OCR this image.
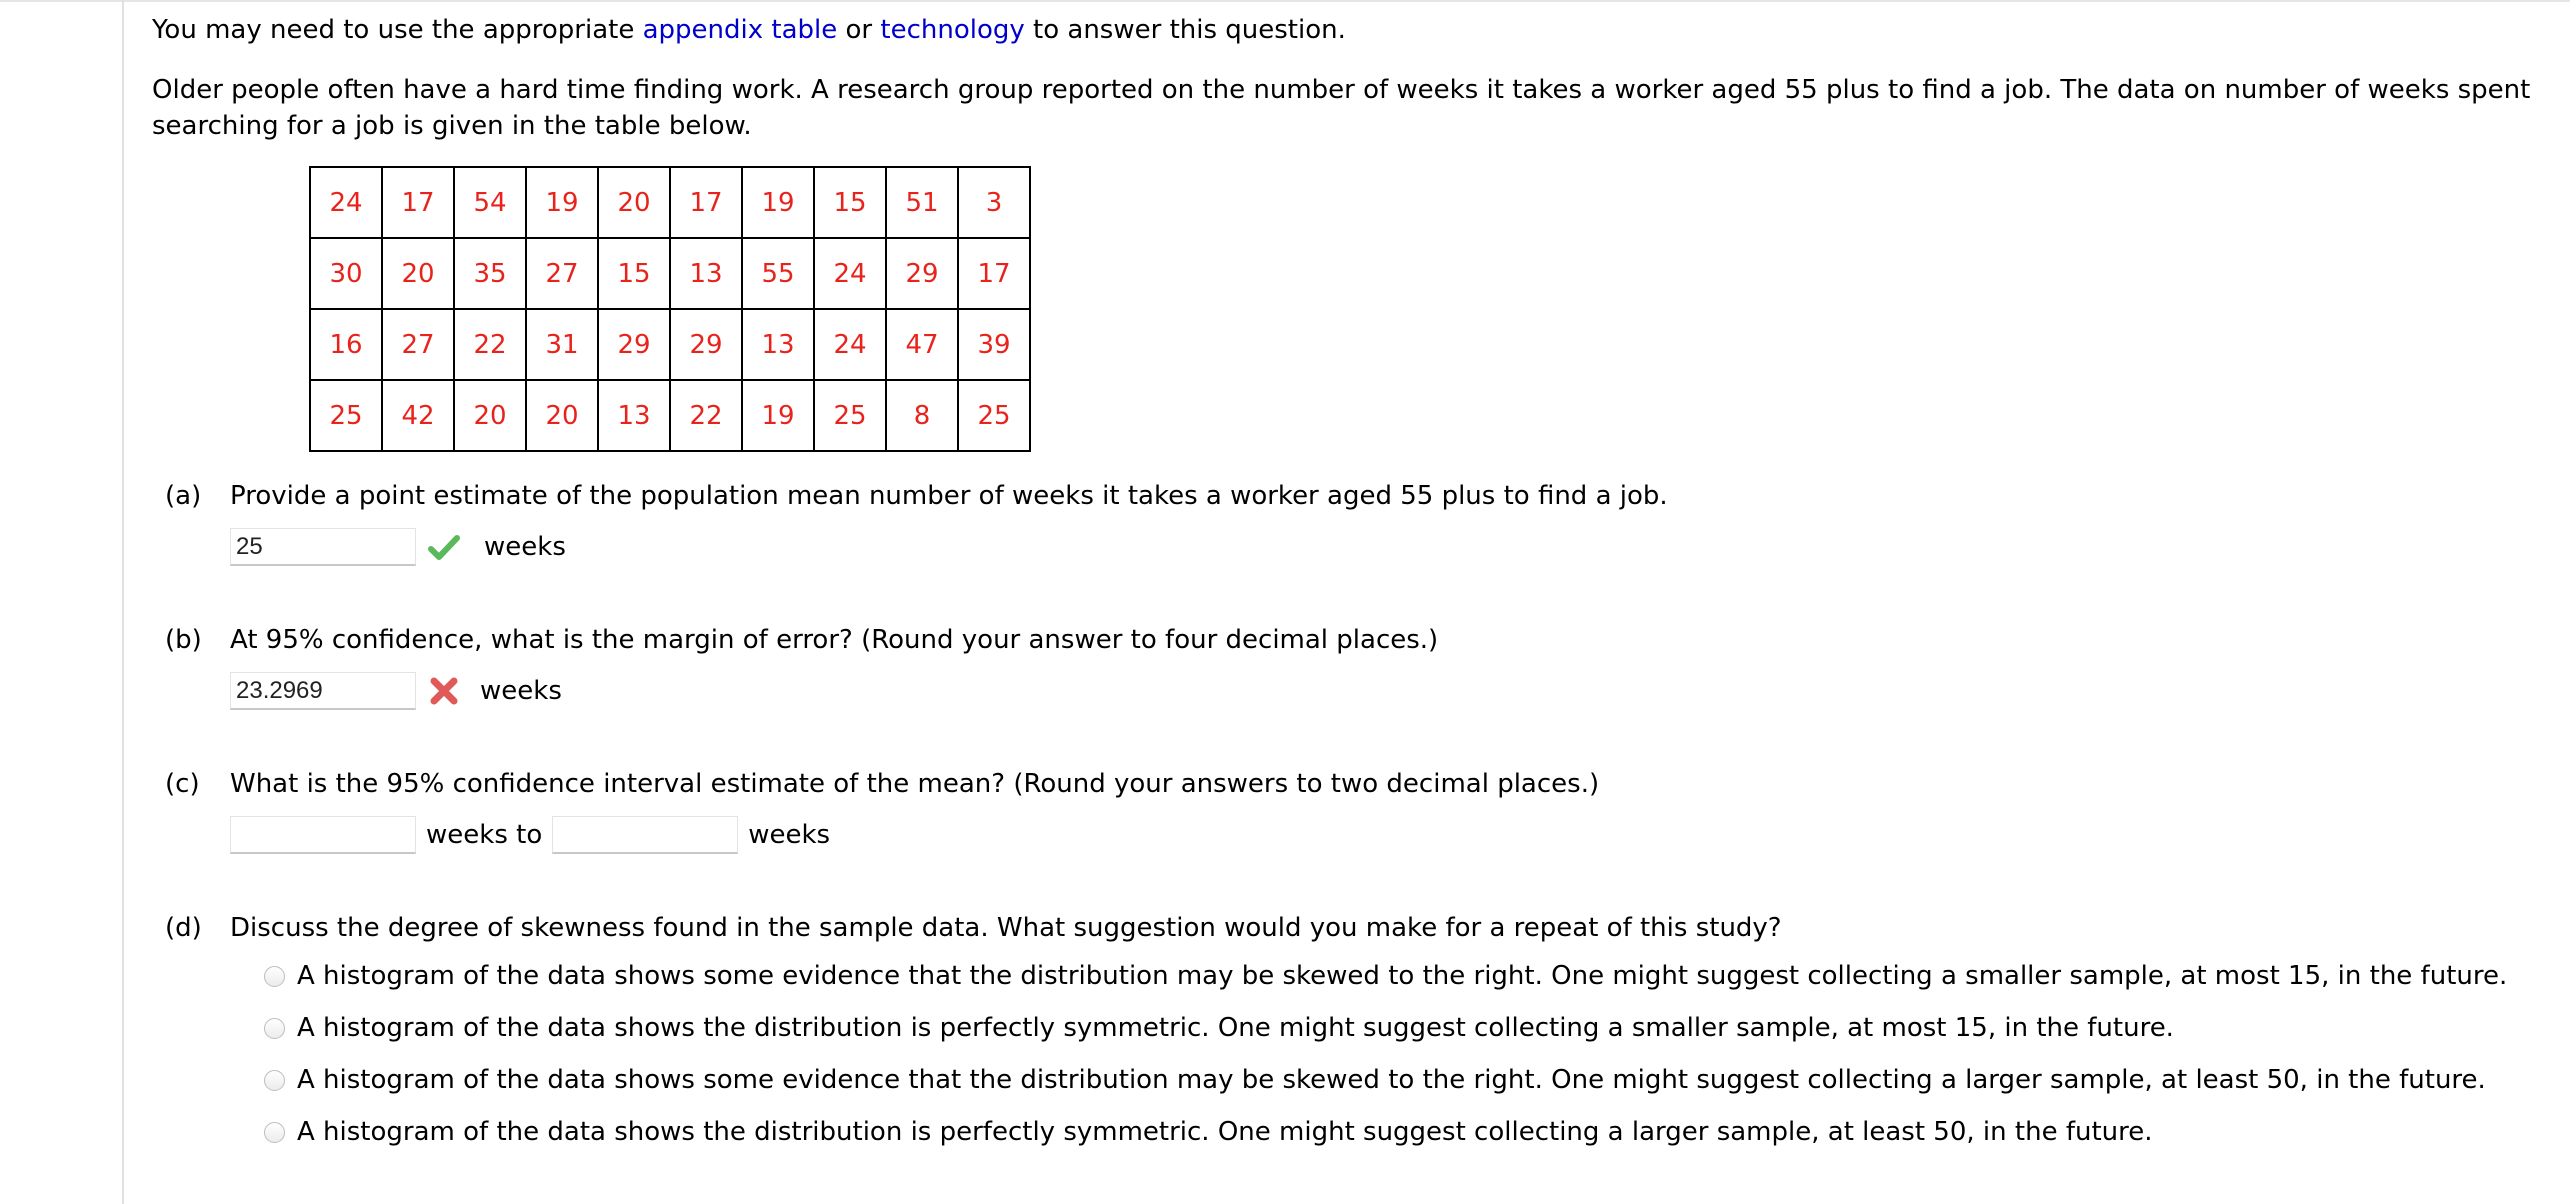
You may need to use the appropriate appendix table or technology to answer this question.

Older people often have a hard time finding work. A research group reported on the number of weeks it takes a worker aged 55 plus to find a job. The data on number of weeks spent searching for a job is given in the table below.

24	17	54	19	20	17	19	15	51	3
30	20	35	27	15	13	55	24	29	17
16	27	22	31	29	29	13	24	47	39
25	42	20	20	13	22	19	25	8	25
(a)	Provide a point estimate of the population mean number of weeks it takes a worker aged 55 plus to find a job.
25
weeks
(b)	At 95% confidence, what is the margin of error? (Round your answer to four decimal places.)
23.2969
weeks
(c)	What is the 95% confidence interval estimate of the mean? (Round your answers to two decimal places.)
weeks to	weeks
(d)	Discuss the degree of skewness found in the sample data. What suggestion would you make for a repeat of this study?
A histogram of the data shows some evidence that the distribution may be skewed to the right. One might suggest collecting a smaller sample, at most 15, in the future.
A histogram of the data shows the distribution is perfectly symmetric. One might suggest collecting a smaller sample, at most 15, in the future.
A histogram of the data shows some evidence that the distribution may be skewed to the right. One might suggest collecting a larger sample, at least 50, in the future.
A histogram of the data shows the distribution is perfectly symmetric. One might suggest collecting a larger sample, at least 50, in the future.
